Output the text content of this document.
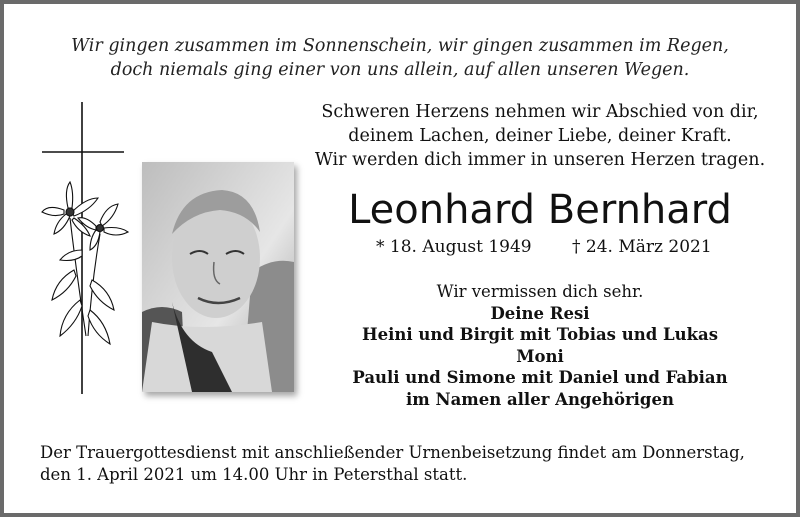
Wir gingen zusammen im Sonnenschein, wir gingen zusammen im Regen,
doch niemals ging einer von uns allein, auf allen unseren Wegen.
Schweren Herzens nehmen wir Abschied von dir,
deinem Lachen, deiner Liebe, deiner Kraft.
Wir werden dich immer in unseren Herzen tragen.
Leonhard Bernhard
* 18. August 1949 † 24. März 2021
Wir vermissen dich sehr.
Deine Resi
Heini und Birgit mit Tobias und Lukas
Moni
Pauli und Simone mit Daniel und Fabian
im Namen aller Angehörigen
Der Trauergottesdienst mit anschließender Urnenbeisetzung findet am Donnerstag,
den 1. April 2021 um 14.00 Uhr in Petersthal statt.
